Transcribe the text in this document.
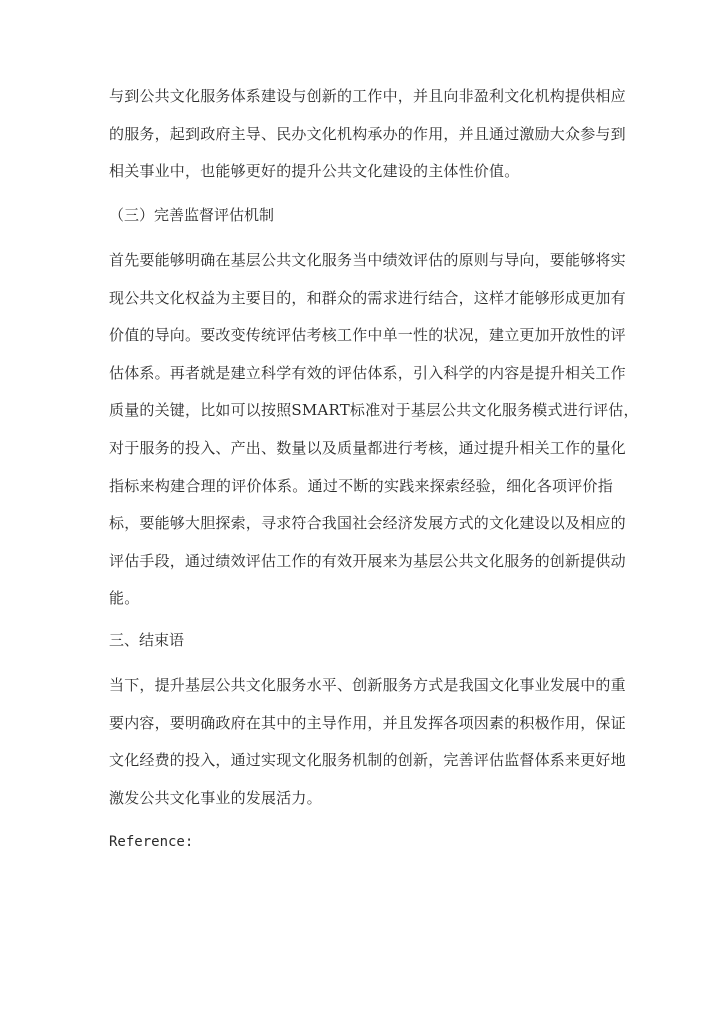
与到公共文化服务体系建设与创新的工作中，并且向非盈利文化机构提供相应
的服务，起到政府主导、民办文化机构承办的作用，并且通过激励大众参与到
相关事业中，也能够更好的提升公共文化建设的主体性价值。

（三）完善监督评估机制

首先要能够明确在基层公共文化服务当中绩效评估的原则与导向，要能够将实
现公共文化权益为主要目的，和群众的需求进行结合，这样才能够形成更加有
价值的导向。要改变传统评估考核工作中单一性的状况，建立更加开放性的评
估体系。再者就是建立科学有效的评估体系，引入科学的内容是提升相关工作
质量的关键，比如可以按照SMART标准对于基层公共文化服务模式进行评估，
对于服务的投入、产出、数量以及质量都进行考核，通过提升相关工作的量化
指标来构建合理的评价体系。通过不断的实践来探索经验，细化各项评价指
标，要能够大胆探索，寻求符合我国社会经济发展方式的文化建设以及相应的
评估手段，通过绩效评估工作的有效开展来为基层公共文化服务的创新提供动
能。

三、结束语

当下，提升基层公共文化服务水平、创新服务方式是我国文化事业发展中的重
要内容，要明确政府在其中的主导作用，并且发挥各项因素的积极作用，保证
文化经费的投入，通过实现文化服务机制的创新，完善评估监督体系来更好地
激发公共文化事业的发展活力。

Reference:
